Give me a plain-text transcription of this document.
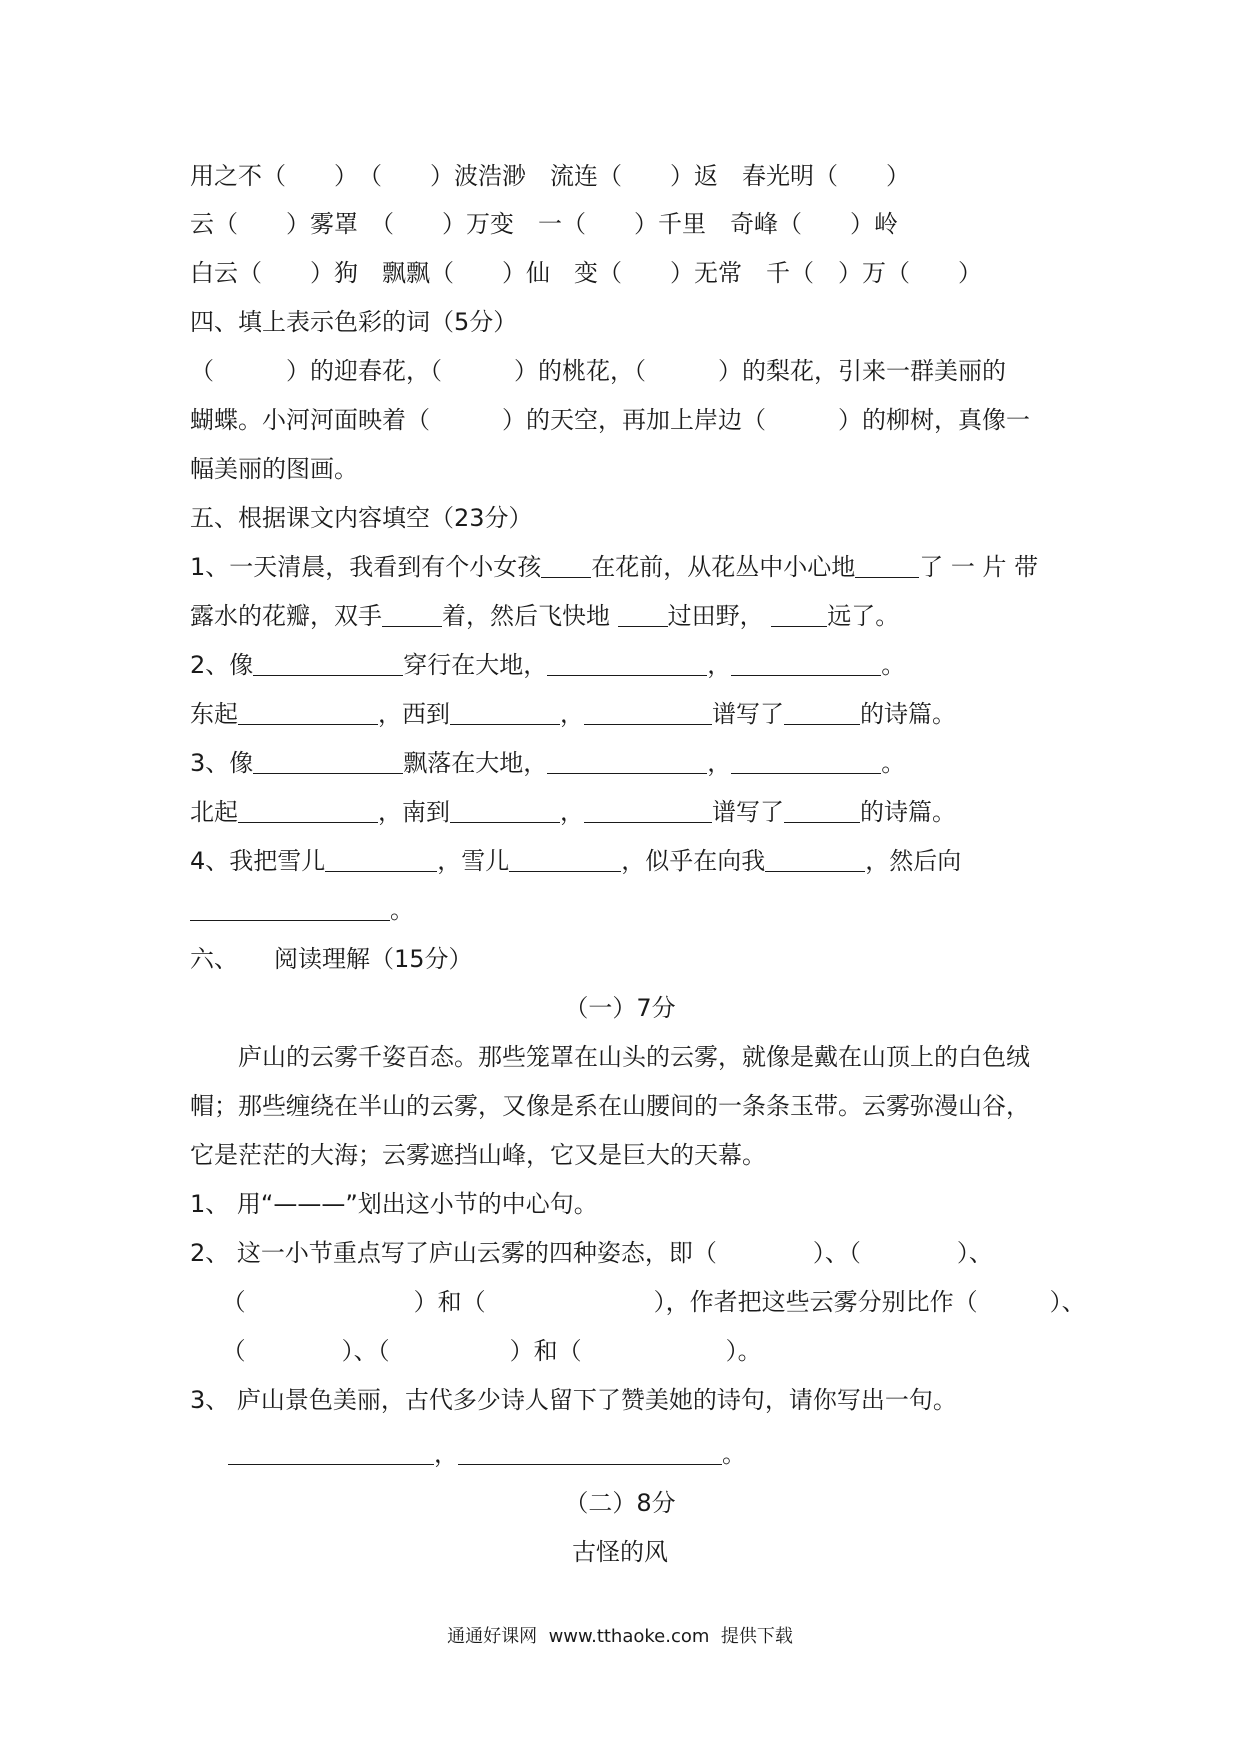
用之不（　　）　（　　）波浩渺　流连（　　）返　春光明（　　）
云（　　）雾罩　（　　）万变　一（　　）千里　奇峰（　　）岭
白云（　　）狗　飘飘（　　）仙　变（　　）无常　千（　）万（　　）
四、填上表示色彩的词（5分）
（　　　）的迎春花，（　　　）的桃花，（　　　）的梨花，引来一群美丽的
蝴蝶。小河河面映着（　　　）的天空，再加上岸边（　　　）的柳树，真像一
幅美丽的图画。
五、根据课文内容填空（23分）
1、一天清晨，我看到有个小女孩 在花前，从花丛中小心地	了 一 片 带
露水的花瓣，双手	着，然后飞快地 过田野， 远了。
2、像	穿行在大地，	，	。
东起	，西到	，	谱写了	的诗篇。
3、像	飘落在大地，	，	。
北起	，南到	，	谱写了	的诗篇。
4、我把雪儿	，雪儿	，似乎在向我	，然后向
。
六、　　阅读理解（15分）
（一）7分
　　庐山的云雾千姿百态。那些笼罩在山头的云雾，就像是戴在山顶上的白色绒
帽；那些缠绕在半山的云雾，又像是系在山腰间的一条条玉带。云雾弥漫山谷，
它是茫茫的大海；云雾遮挡山峰，它又是巨大的天幕。
1、 用“———”划出这小节的中心句。
2、 这一小节重点写了庐山云雾的四种姿态，即（　　　　）、（　　　　）、
　 （　　　　　　　）和（　　　　　　　），作者把这些云雾分别比作（　　　）、
　 （　　　　）、（　　　　　）和（　　　　　　）。
3、 庐山景色美丽，古代多少诗人留下了赞美她的诗句，请你写出一句。
，	。
（二）8分
古怪的风
通通好课网  www.tthaoke.com  提供下载
